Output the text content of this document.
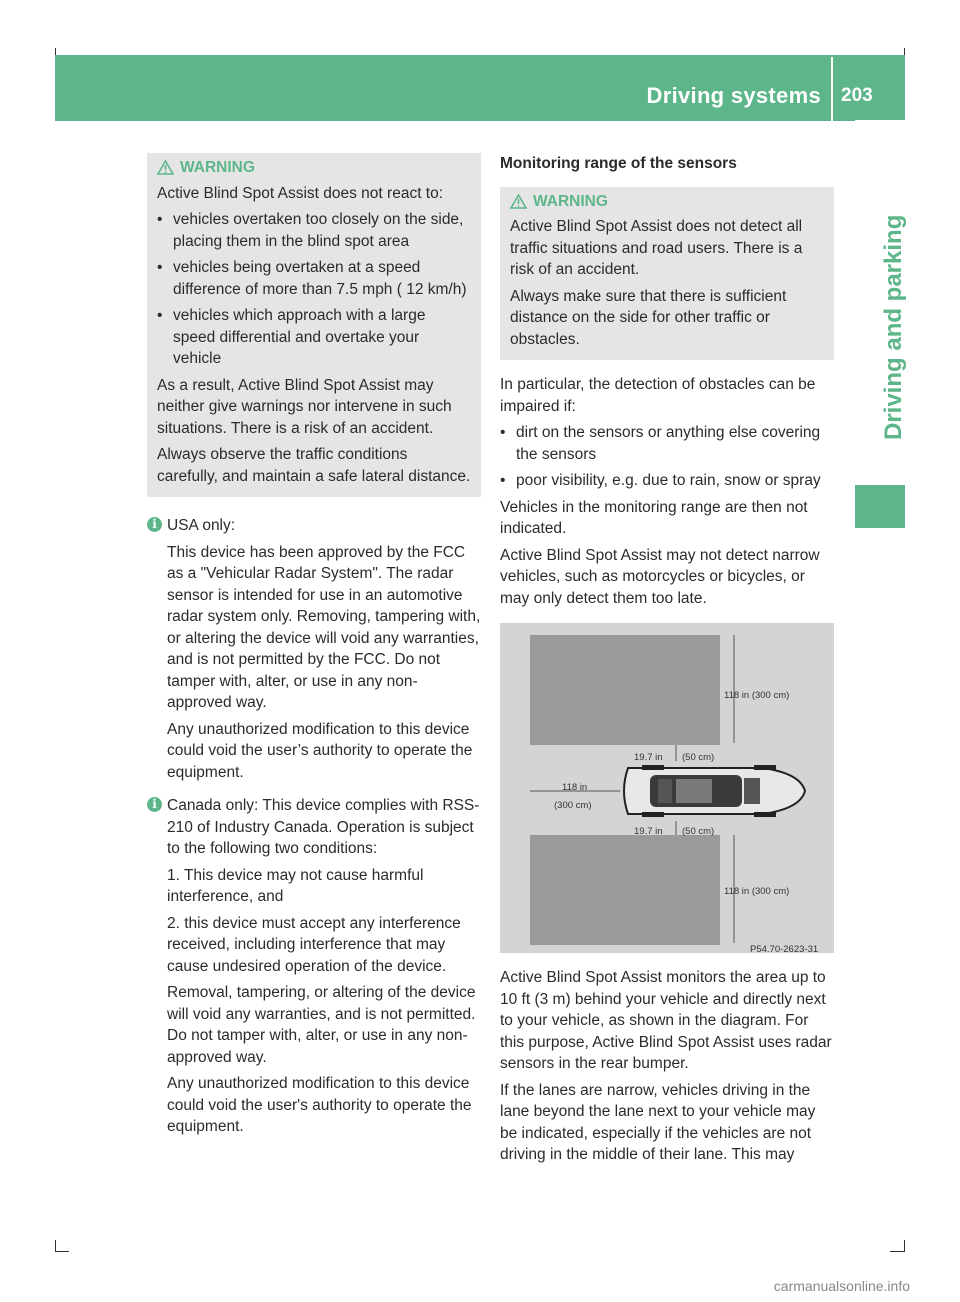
Driving systems 203
Driving and parking
WARNING

Active Blind Spot Assist does not react to:

• vehicles overtaken too closely on the side, placing them in the blind spot area
• vehicles being overtaken at a speed difference of more than 7.5 mph ( 12 km/h)
• vehicles which approach with a large speed differential and overtake your vehicle

As a result, Active Blind Spot Assist may neither give warnings nor intervene in such situations. There is a risk of an accident.

Always observe the traffic conditions carefully, and maintain a safe lateral distance.

i USA only:

This device has been approved by the FCC as a "Vehicular Radar System". The radar sensor is intended for use in an automotive radar system only. Removing, tampering with, or altering the device will void any warranties, and is not permitted by the FCC. Do not tamper with, alter, or use in any non-approved way.

Any unauthorized modification to this device could void the user’s authority to operate the equipment.

i Canada only: This device complies with RSS-210 of Industry Canada. Operation is subject to the following two conditions:

1. This device may not cause harmful interference, and

2. this device must accept any interference received, including interference that may cause undesired operation of the device.

Removal, tampering, or altering of the device will void any warranties, and is not permitted. Do not tamper with, alter, or use in any non-approved way.

Any unauthorized modification to this device could void the user's authority to operate the equipment.

Monitoring range of the sensors
WARNING

Active Blind Spot Assist does not detect all traffic situations and road users. There is a risk of an accident.

Always make sure that there is sufficient distance on the side for other traffic or obstacles.

In particular, the detection of obstacles can be impaired if:

• dirt on the sensors or anything else covering the sensors
• poor visibility, e.g. due to rain, snow or spray

Vehicles in the monitoring range are then not indicated.

Active Blind Spot Assist may not detect narrow vehicles, such as motorcycles or bicycles, or may only detect them too late.

118 in (300 cm)
19.7 in (50 cm)
118 in
(300 cm)
19.7 in (50 cm)
118 in (300 cm)
P54.70-2623-31

Active Blind Spot Assist monitors the area up to 10 ft (3 m) behind your vehicle and directly next to your vehicle, as shown in the diagram. For this purpose, Active Blind Spot Assist uses radar sensors in the rear bumper.

If the lanes are narrow, vehicles driving in the lane beyond the lane next to your vehicle may be indicated, especially if the vehicles are not driving in the middle of their lane. This may

carmanualsonline.info
